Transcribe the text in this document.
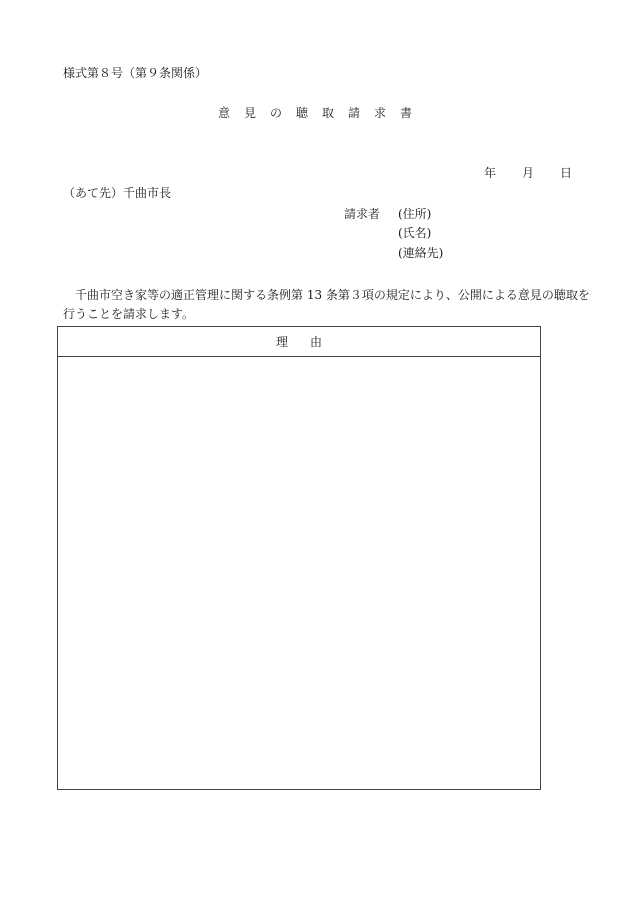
様式第８号（第９条関係）
意見の聴取請求書
年 月 日
（あて先）千曲市長
請求者 (住所)
(氏名)
(連絡先)
千曲市空き家等の適正管理に関する条例第 13 条第３項の規定により、公開による意見の聴取を
行うことを請求します。
理由
